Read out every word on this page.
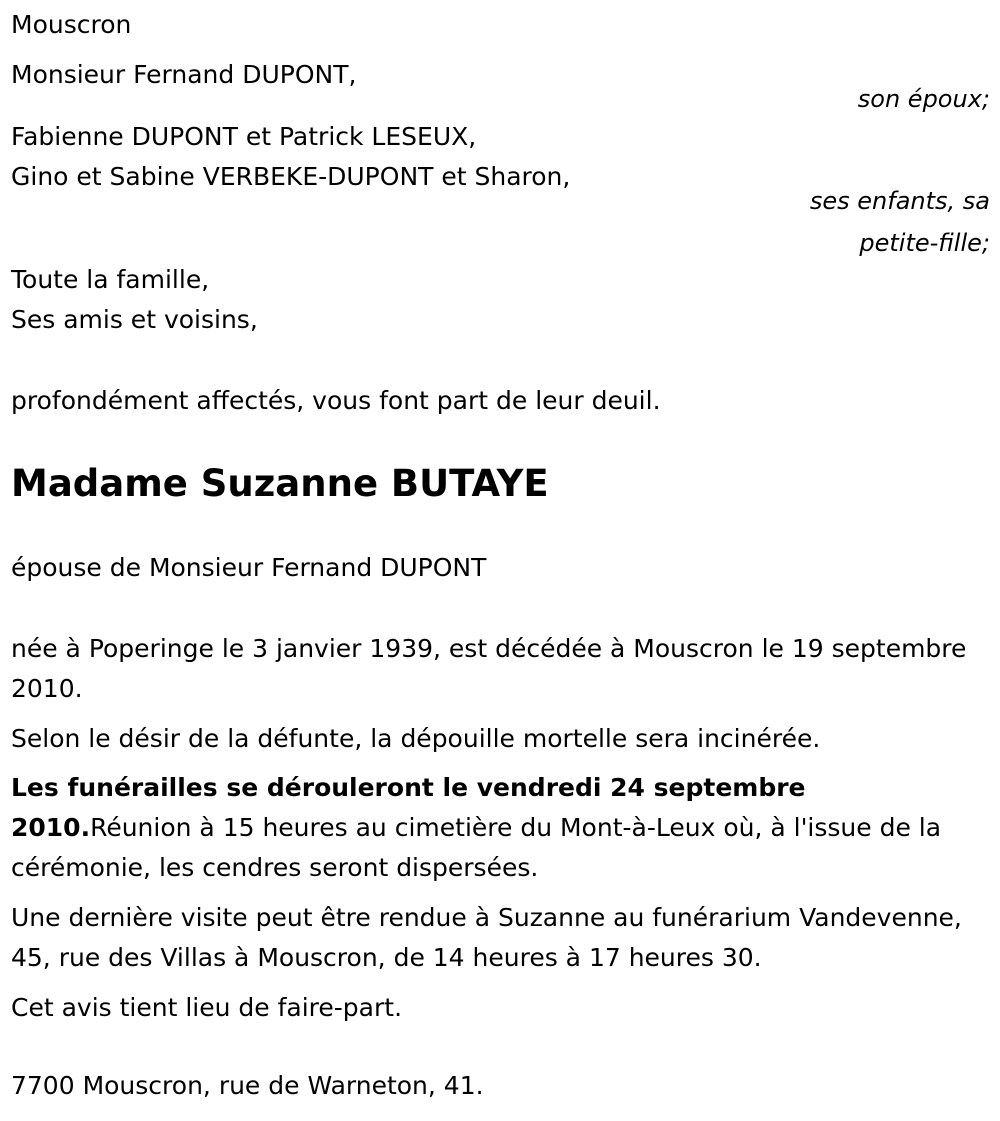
Mouscron

Monsieur Fernand DUPONT,

son époux;

Fabienne DUPONT et Patrick LESEUX,

Gino et Sabine VERBEKE-DUPONT et Sharon,

ses enfants, sa

petite-fille;

Toute la famille,

Ses amis et voisins,

profondément affectés, vous font part de leur deuil.

Madame Suzanne BUTAYE

épouse de Monsieur Fernand DUPONT

née à Poperinge le 3 janvier 1939, est décédée à Mouscron le 19 septembre 2010.

Selon le désir de la défunte, la dépouille mortelle sera incinérée.

Les funérailles se dérouleront le vendredi 24 septembre 2010.Réunion à 15 heures au cimetière du Mont-à-Leux où, à l'issue de la cérémonie, les cendres seront dispersées.

Une dernière visite peut être rendue à Suzanne au funérarium Vandevenne, 45, rue des Villas à Mouscron, de 14 heures à 17 heures 30.

Cet avis tient lieu de faire-part.

7700 Mouscron, rue de Warneton, 41.
